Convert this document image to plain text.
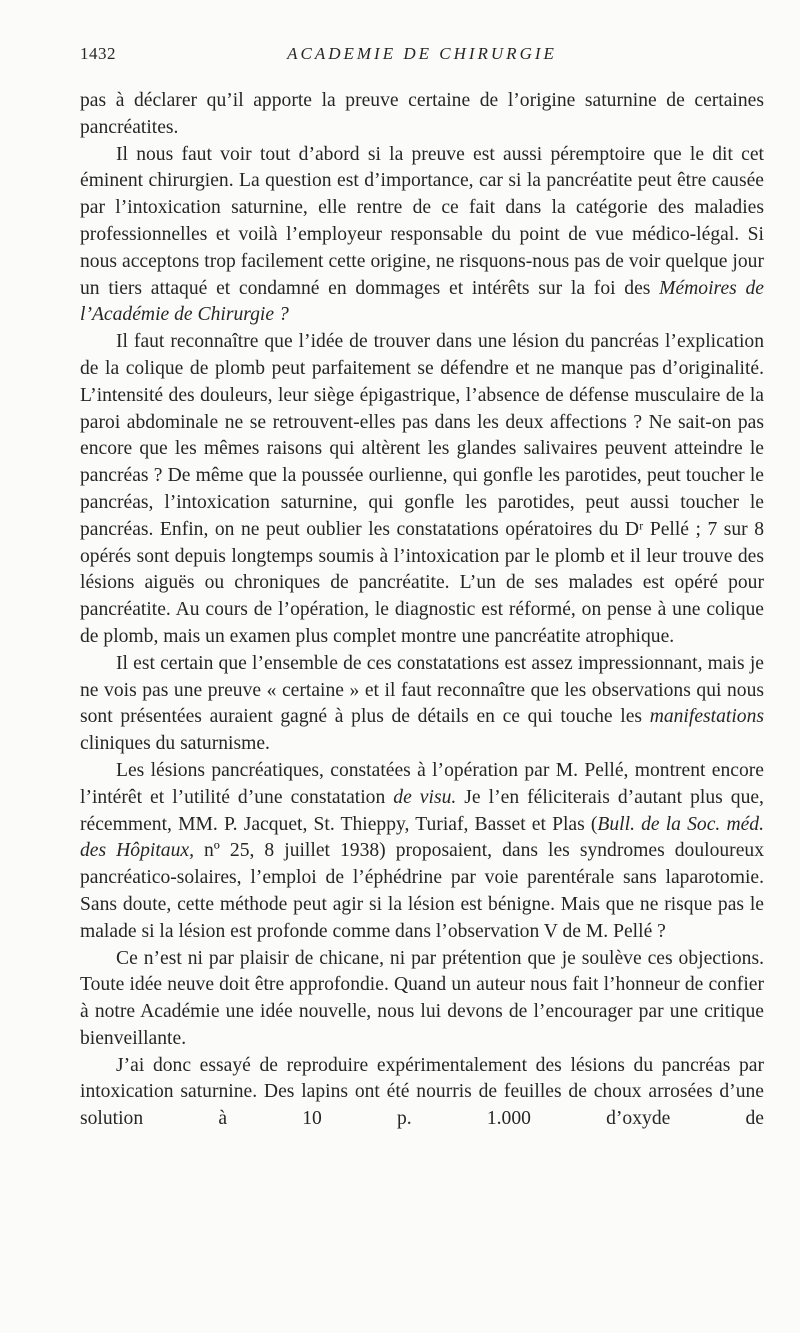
1432	ACADEMIE DE CHIRURGIE

pas à déclarer qu’il apporte la preuve certaine de l’origine saturnine de certaines pancréatites.

Il nous faut voir tout d’abord si la preuve est aussi péremptoire que le dit cet éminent chirurgien. La question est d’importance, car si la pancréatite peut être causée par l’intoxication saturnine, elle rentre de ce fait dans la catégorie des maladies professionnelles et voilà l’employeur responsable du point de vue médico-légal. Si nous acceptons trop facilement cette origine, ne risquons-nous pas de voir quelque jour un tiers attaqué et condamné en dommages et intérêts sur la foi des Mémoires de l’Académie de Chirurgie ?

Il faut reconnaître que l’idée de trouver dans une lésion du pancréas l’explication de la colique de plomb peut parfaitement se défendre et ne manque pas d’originalité. L’intensité des douleurs, leur siège épigastrique, l’absence de défense musculaire de la paroi abdominale ne se retrouvent-elles pas dans les deux affections ? Ne sait-on pas encore que les mêmes raisons qui altèrent les glandes salivaires peuvent atteindre le pancréas ? De même que la poussée ourlienne, qui gonfle les parotides, peut toucher le pancréas, l’intoxication saturnine, qui gonfle les parotides, peut aussi toucher le pancréas. Enfin, on ne peut oublier les constatations opératoires du Dʳ Pellé ; 7 sur 8 opérés sont depuis longtemps soumis à l’intoxication par le plomb et il leur trouve des lésions aiguës ou chroniques de pancréatite. L’un de ses malades est opéré pour pancréatite. Au cours de l’opération, le diagnostic est réformé, on pense à une colique de plomb, mais un examen plus complet montre une pancréatite atrophique.

Il est certain que l’ensemble de ces constatations est assez impressionnant, mais je ne vois pas une preuve « certaine » et il faut reconnaître que les observations qui nous sont présentées auraient gagné à plus de détails en ce qui touche les manifestations cliniques du saturnisme.

Les lésions pancréatiques, constatées à l’opération par M. Pellé, montrent encore l’intérêt et l’utilité d’une constatation de visu. Je l’en féliciterais d’autant plus que, récemment, MM. P. Jacquet, St. Thieppy, Turiaf, Basset et Plas (Bull. de la Soc. méd. des Hôpitaux, nº 25, 8 juillet 1938) proposaient, dans les syndromes douloureux pancréatico-solaires, l’emploi de l’éphédrine par voie parentérale sans laparotomie. Sans doute, cette méthode peut agir si la lésion est bénigne. Mais que ne risque pas le malade si la lésion est profonde comme dans l’observation V de M. Pellé ?

Ce n’est ni par plaisir de chicane, ni par prétention que je soulève ces objections. Toute idée neuve doit être approfondie. Quand un auteur nous fait l’honneur de confier à notre Académie une idée nouvelle, nous lui devons de l’encourager par une critique bienveillante.

J’ai donc essayé de reproduire expérimentalement des lésions du pancréas par intoxication saturnine. Des lapins ont été nourris de feuilles de choux arrosées d’une solution à 10 p. 1.000 d’oxyde de
